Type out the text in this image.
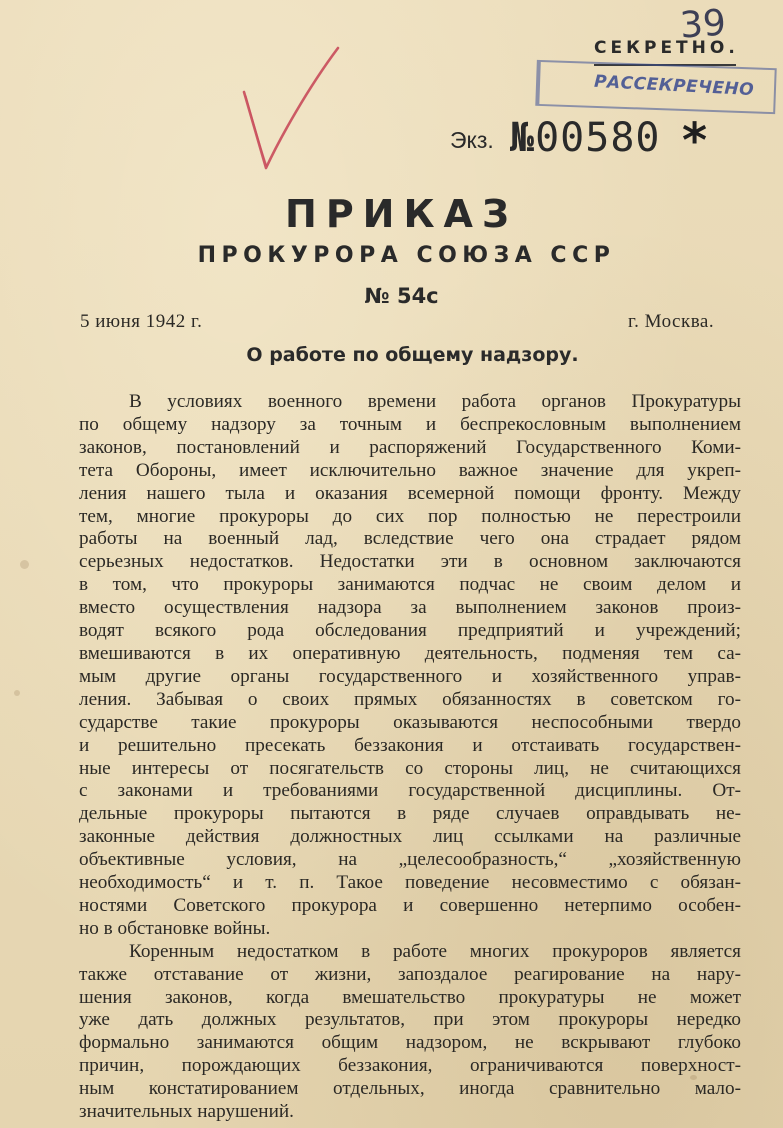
39
СЕКРЕТНО.
РАССЕКРЕЧЕНО
Экз. №00580 *
ПРИКАЗ
ПРОКУРОРА СОЮЗА ССР
№ 54с
5 июня 1942 г.	г. Москва.
О работе по общему надзору.
В условиях военного времени работа органов Прокуратуры
по общему надзору за точным и беспрекословным выполнением
законов, постановлений и распоряжений Государственного Коми-
тета Обороны, имеет исключительно важное значение для укреп-
ления нашего тыла и оказания всемерной помощи фронту. Между
тем, многие прокуроры до сих пор полностью не перестроили
работы на военный лад, вследствие чего она страдает рядом
серьезных недостатков. Недостатки эти в основном заключаются
в том, что прокуроры занимаются подчас не своим делом и
вместо осуществления надзора за выполнением законов произ-
водят всякого рода обследования предприятий и учреждений;
вмешиваются в их оперативную деятельность, подменяя тем са-
мым другие органы государственного и хозяйственного управ-
ления. Забывая о своих прямых обязанностях в советском го-
сударстве такие прокуроры оказываются неспособными твердо
и решительно пресекать беззакония и отстаивать государствен-
ные интересы от посягательств со стороны лиц, не считающихся
с законами и требованиями государственной дисциплины. От-
дельные прокуроры пытаются в ряде случаев оправдывать не-
законные действия должностных лиц ссылками на различные
объективные условия, на „целесообразность,“ „хозяйственную
необходимость“ и т. п. Такое поведение несовместимо с обязан-
ностями Советского прокурора и совершенно нетерпимо особен-
но в обстановке войны.
Коренным недостатком в работе многих прокуроров является
также отставание от жизни, запоздалое реагирование на нару-
шения законов, когда вмешательство прокуратуры не может
уже дать должных результатов, при этом прокуроры нередко
формально занимаются общим надзором, не вскрывают глубоко
причин, порождающих беззакония, ограничиваются поверхност-
ным констатированием отдельных, иногда сравнительно мало-
значительных нарушений.
